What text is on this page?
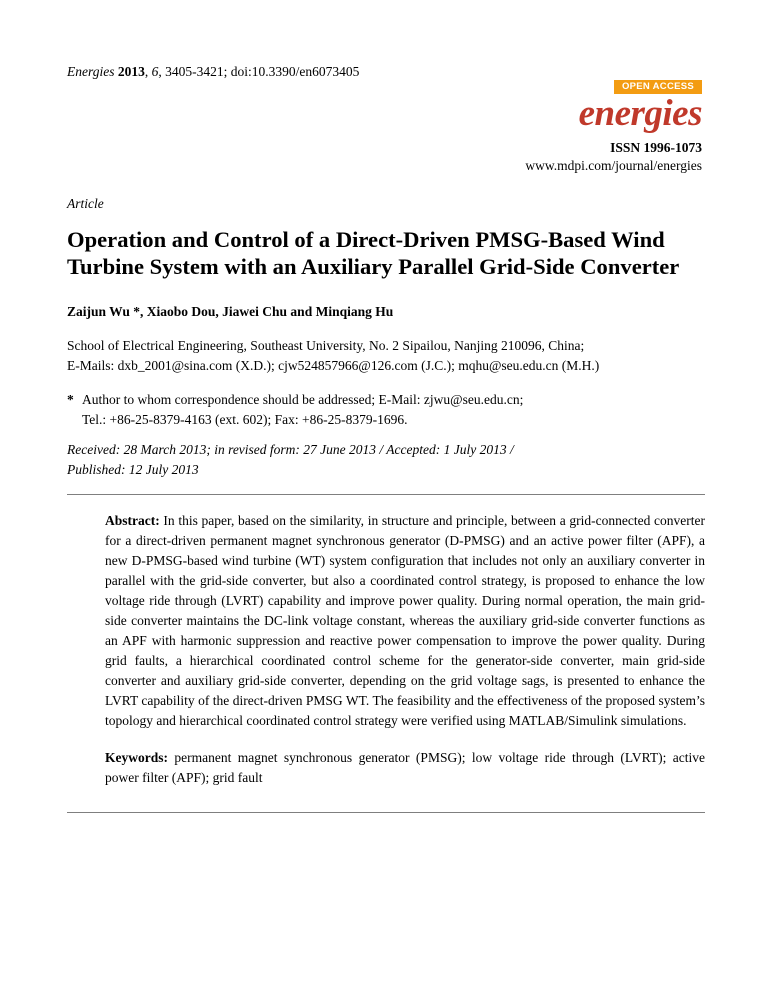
Energies 2013, 6, 3405-3421; doi:10.3390/en6073405
OPEN ACCESS
energies
ISSN 1996-1073
www.mdpi.com/journal/energies
Article
Operation and Control of a Direct-Driven PMSG-Based Wind
Turbine System with an Auxiliary Parallel Grid-Side Converter
Zaijun Wu *, Xiaobo Dou, Jiawei Chu and Minqiang Hu
School of Electrical Engineering, Southeast University, No. 2 Sipailou, Nanjing 210096, China;
E-Mails: dxb_2001@sina.com (X.D.); cjw524857966@126.com (J.C.); mqhu@seu.edu.cn (M.H.)
* Author to whom correspondence should be addressed; E-Mail: zjwu@seu.edu.cn;
Tel.: +86-25-8379-4163 (ext. 602); Fax: +86-25-8379-1696.
Received: 28 March 2013; in revised form: 27 June 2013 / Accepted: 1 July 2013 /
Published: 12 July 2013
Abstract: In this paper, based on the similarity, in structure and principle, between a grid-connected converter for a direct-driven permanent magnet synchronous generator (D-PMSG) and an active power filter (APF), a new D-PMSG-based wind turbine (WT) system configuration that includes not only an auxiliary converter in parallel with the grid-side converter, but also a coordinated control strategy, is proposed to enhance the low voltage ride through (LVRT) capability and improve power quality. During normal operation, the main grid-side converter maintains the DC-link voltage constant, whereas the auxiliary grid-side converter functions as an APF with harmonic suppression and reactive power compensation to improve the power quality. During grid faults, a hierarchical coordinated control scheme for the generator-side converter, main grid-side converter and auxiliary grid-side converter, depending on the grid voltage sags, is presented to enhance the LVRT capability of the direct-driven PMSG WT. The feasibility and the effectiveness of the proposed system’s topology and hierarchical coordinated control strategy were verified using MATLAB/Simulink simulations.
Keywords: permanent magnet synchronous generator (PMSG); low voltage ride through (LVRT); active power filter (APF); grid fault
